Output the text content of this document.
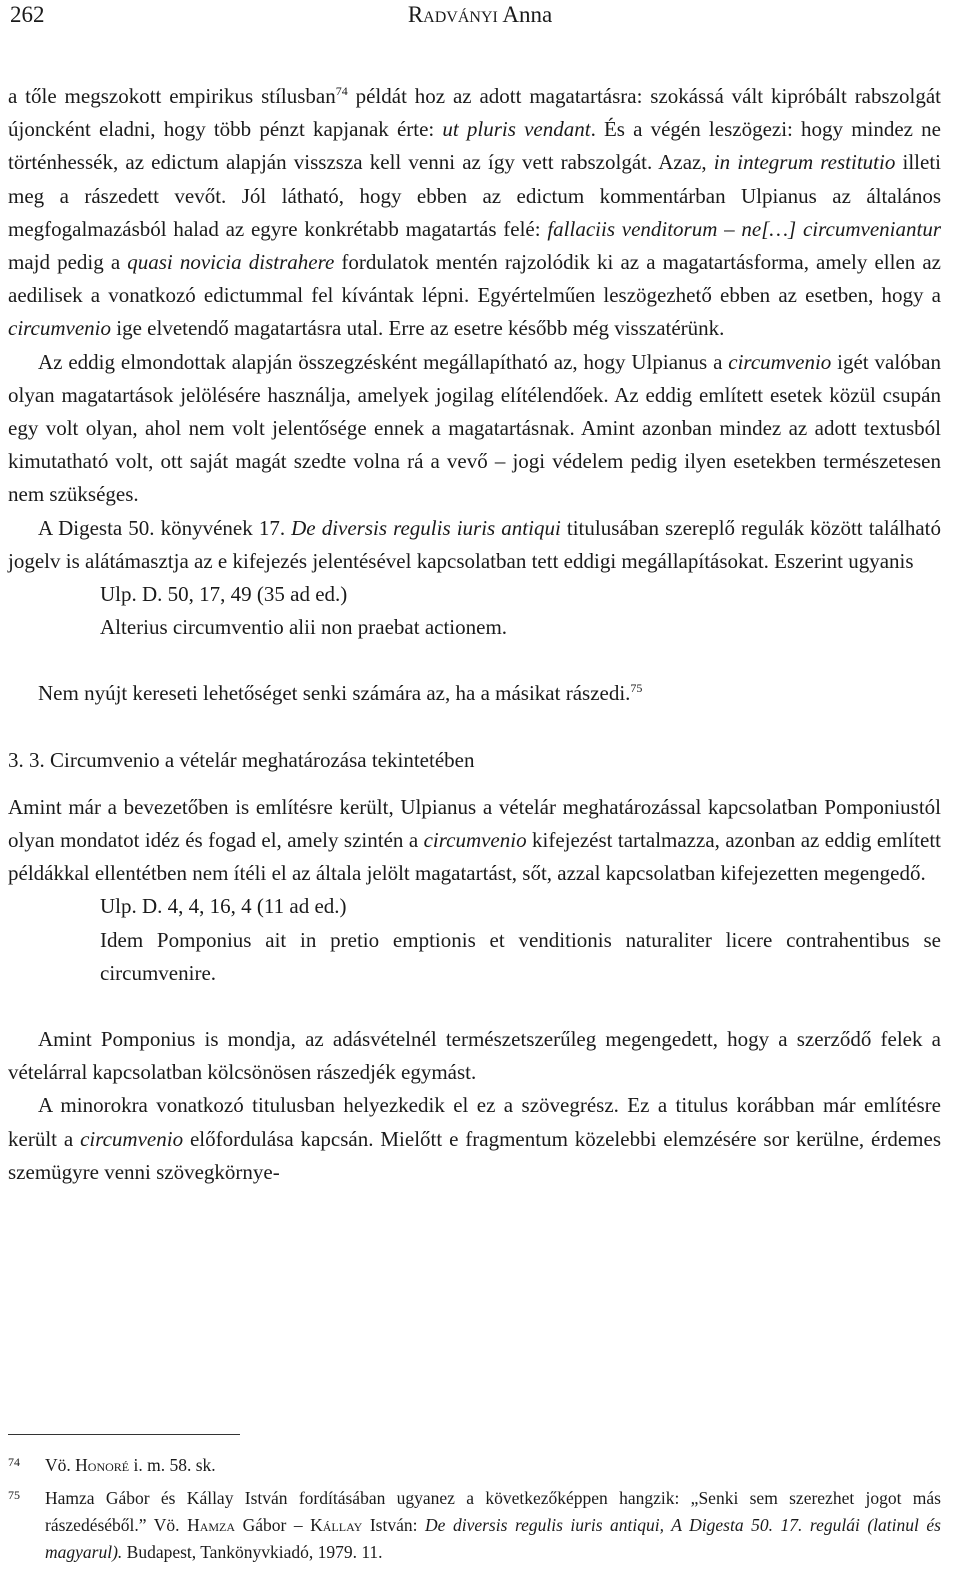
262	Radványi Anna

a tőle megszokott empirikus stílusban$^{74}$ példát hoz az adott magatartásra: szokássá vált kipróbált rabszolgát újoncként eladni, hogy több pénzt kapjanak érte: ut pluris vendant. És a végén leszögezi: hogy mindez ne történhessék, az edictum alapján visszsza kell venni az így vett rabszolgát. Azaz, in integrum restitutio illeti meg a rászedett vevőt. Jól látható, hogy ebben az edictum kommentárban Ulpianus az általános megfogalmazásból halad az egyre konkrétabb magatartás felé: fallaciis venditorum – ne[…] circumveniantur majd pedig a quasi novicia distrahere fordulatok mentén rajzolódik ki az a magatartásforma, amely ellen az aedilisek a vonatkozó edictummal fel kívántak lépni. Egyértelműen leszögezhető ebben az esetben, hogy a circumvenio ige elvetendő magatartásra utal. Erre az esetre később még visszatérünk.

Az eddig elmondottak alapján összegzésként megállapítható az, hogy Ulpianus a circumvenio igét valóban olyan magatartások jelölésére használja, amelyek jogilag elítélendőek. Az eddig említett esetek közül csupán egy volt olyan, ahol nem volt jelentősége ennek a magatartásnak. Amint azonban mindez az adott textusból kimutatható volt, ott saját magát szedte volna rá a vevő – jogi védelem pedig ilyen esetekben természetesen nem szükséges.

A Digesta 50. könyvének 17. De diversis regulis iuris antiqui titulusában szereplő regulák között található jogelv is alátámasztja az e kifejezés jelentésével kapcsolatban tett eddigi megállapításokat. Eszerint ugyanis

Ulp. D. 50, 17, 49 (35 ad ed.)
Alterius circumventio alii non praebat actionem.

Nem nyújt kereseti lehetőséget senki számára az, ha a másikat rászedi.$^{75}$

3. 3. Circumvenio a vételár meghatározása tekintetében

Amint már a bevezetőben is említésre került, Ulpianus a vételár meghatározással kapcsolatban Pomponiustól olyan mondatot idéz és fogad el, amely szintén a circumvenio kifejezést tartalmazza, azonban az eddig említett példákkal ellentétben nem ítéli el az általa jelölt magatartást, sőt, azzal kapcsolatban kifejezetten megengedő.

Ulp. D. 4, 4, 16, 4 (11 ad ed.)
Idem Pomponius ait in pretio emptionis et venditionis naturaliter licere contrahentibus se circumvenire.

Amint Pomponius is mondja, az adásvételnél természetszerűleg megengedett, hogy a szerződő felek a vételárral kapcsolatban kölcsönösen rászedjék egymást.

A minorokra vonatkozó titulusban helyezkedik el ez a szövegrész. Ez a titulus korábban már említésre került a circumvenio előfordulása kapcsán. Mielőtt e fragmentum közelebbi elemzésére sor kerülne, érdemes szemügyre venni szövegkörnye-

74 Vö. Honoré i. m. 58. sk.
75 Hamza Gábor és Kállay István fordításában ugyanez a következőképpen hangzik: „Senki sem szerezhet jogot más rászedéséből.” Vö. Hamza Gábor – Kállay István: De diversis regulis iuris antiqui, A Digesta 50. 17. regulái (latinul és magyarul). Budapest, Tankönyvkiadó, 1979. 11.
